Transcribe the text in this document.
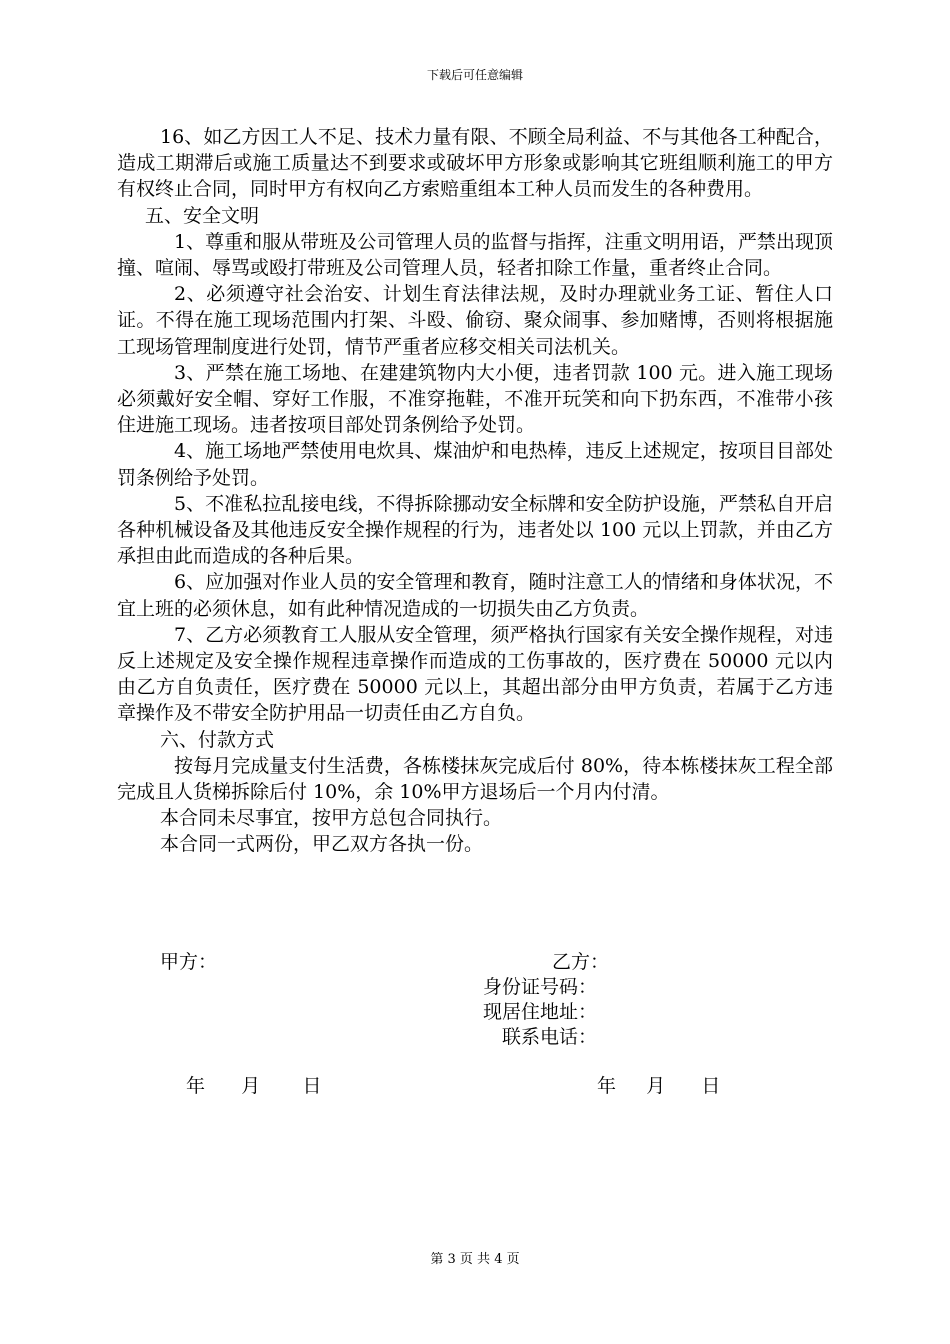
下载后可任意编辑

16、如乙方因工人不足、技术力量有限、不顾全局利益、不与其他各工种配合，造成工期滞后或施工质量达不到要求或破坏甲方形象或影响其它班组顺利施工的甲方有权终止合同，同时甲方有权向乙方索赔重组本工种人员而发生的各种费用。

五、安全文明

1、尊重和服从带班及公司管理人员的监督与指挥，注重文明用语，严禁出现顶撞、喧闹、辱骂或殴打带班及公司管理人员，轻者扣除工作量，重者终止合同。

2、必须遵守社会治安、计划生育法律法规，及时办理就业务工证、暂住人口证。不得在施工现场范围内打架、斗殴、偷窃、聚众闹事、参加赌博，否则将根据施工现场管理制度进行处罚，情节严重者应移交相关司法机关。

3、严禁在施工场地、在建建筑物内大小便，违者罚款 100 元。进入施工现场必须戴好安全帽、穿好工作服，不准穿拖鞋，不准开玩笑和向下扔东西，不准带小孩住进施工现场。违者按项目部处罚条例给予处罚。

4、施工场地严禁使用电炊具、煤油炉和电热棒，违反上述规定，按项目目部处罚条例给予处罚。

5、不准私拉乱接电线，不得拆除挪动安全标牌和安全防护设施，严禁私自开启各种机械设备及其他违反安全操作规程的行为，违者处以 100 元以上罚款，并由乙方承担由此而造成的各种后果。

6、应加强对作业人员的安全管理和教育，随时注意工人的情绪和身体状况，不宜上班的必须休息，如有此种情况造成的一切损失由乙方负责。

7、乙方必须教育工人服从安全管理，须严格执行国家有关安全操作规程，对违反上述规定及安全操作规程违章操作而造成的工伤事故的，医疗费在 50000 元以内由乙方自负责任，医疗费在 50000 元以上，其超出部分由甲方负责，若属于乙方违章操作及不带安全防护用品一切责任由乙方自负。

六、付款方式

按每月完成量支付生活费，各栋楼抹灰完成后付 80%，待本栋楼抹灰工程全部完成且人货梯拆除后付 10%，余 10%甲方退场后一个月内付清。

本合同未尽事宜，按甲方总包合同执行。

本合同一式两份，甲乙双方各执一份。

甲方：	乙方：
身份证号码：
现居住地址：
联系电话：
年      月       日	年     月      日
第 3 页 共 4 页
